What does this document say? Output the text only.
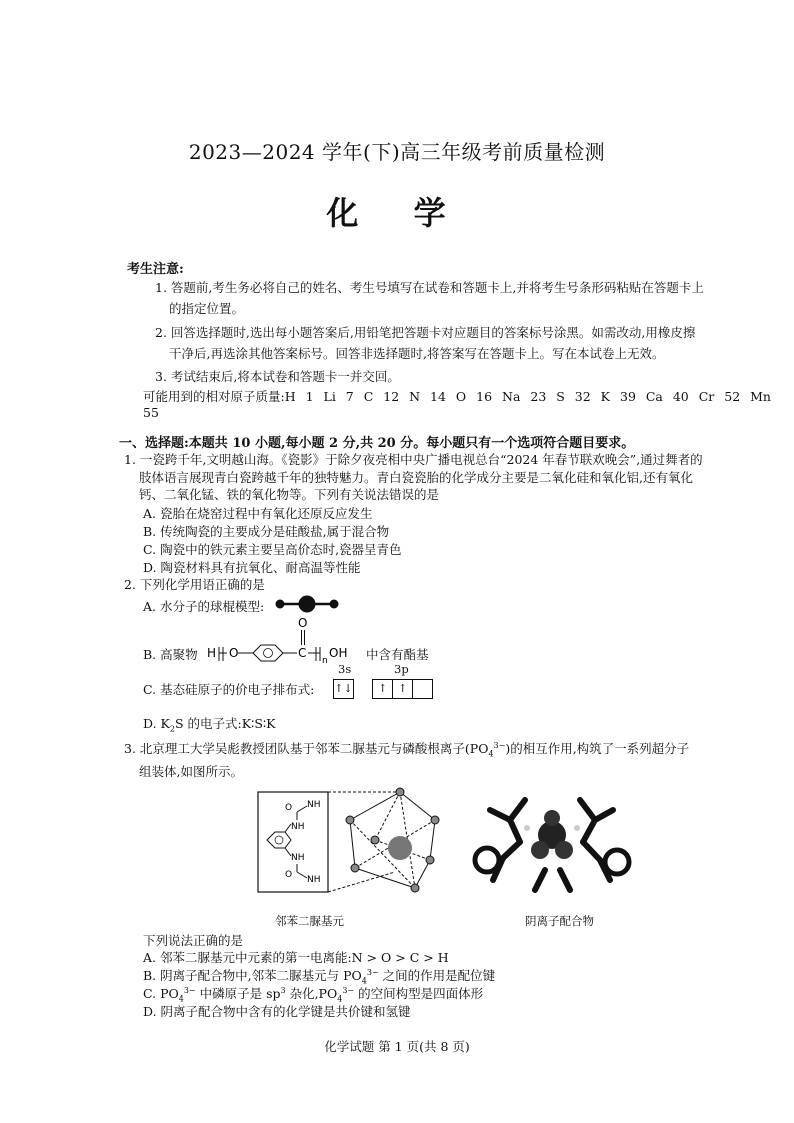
2023—2024 学年(下)高三年级考前质量检测
化 学
考生注意:
1. 答题前,考生务必将自己的姓名、考生号填写在试卷和答题卡上,并将考生号条形码粘贴在答题卡上
的指定位置。
2. 回答选择题时,选出每小题答案后,用铅笔把答题卡对应题目的答案标号涂黑。如需改动,用橡皮擦
干净后,再选涂其他答案标号。回答非选择题时,将答案写在答题卡上。写在本试卷上无效。
3. 考试结束后,将本试卷和答题卡一并交回。
可能用到的相对原子质量:H 1 Li 7 C 12 N 14 O 16 Na 23 S 32 K 39 Ca 40 Cr 52 Mn 55
一、选择题:本题共 10 小题,每小题 2 分,共 20 分。每小题只有一个选项符合题目要求。
1. 一瓷跨千年,文明越山海。《瓷影》于除夕夜亮相中央广播电视总台“2024 年春节联欢晚会”,通过舞者的
肢体语言展现青白瓷跨越千年的独特魅力。青白瓷瓷胎的化学成分主要是二氧化硅和氧化铝,还有氧化
钙、二氧化锰、铁的氧化物等。下列有关说法错误的是
A. 瓷胎在烧窑过程中有氧化还原反应发生
B. 传统陶瓷的主要成分是硅酸盐,属于混合物
C. 陶瓷中的铁元素主要呈高价态时,瓷器呈青色
D. 陶瓷材料具有抗氧化、耐高温等性能
2. 下列化学用语正确的是
A. 水分子的球棍模型:
B. 高聚物 H O	C
O
n
OH 中含有酯基
C. 基态硅原子的价电子排布式:
3s	3p
↑↓ ↑ ↑
D. $K_2S$ 的电子式:K∶S∶K
3. 北京理工大学吴彪教授团队基于邻苯二脲基元与磷酸根离子$(PO_4^{3-})$的相互作用,构筑了一系列超分子
组装体,如图所示。
NH
NH
O NH
O NH
邻苯二脲基元	阴离子配合物
下列说法正确的是
A. 邻苯二脲基元中元素的第一电离能:N > O > C > H
B. 阴离子配合物中,邻苯二脲基元与 $PO_4^{3-}$ 之间的作用是配位键
C. $PO_4^{3-}$ 中磷原子是 $sp^3$ 杂化$,PO_4^{3-}$ 的空间构型是四面体形
D. 阴离子配合物中含有的化学键是共价键和氢键
化学试题 第 1 页(共 8 页)
